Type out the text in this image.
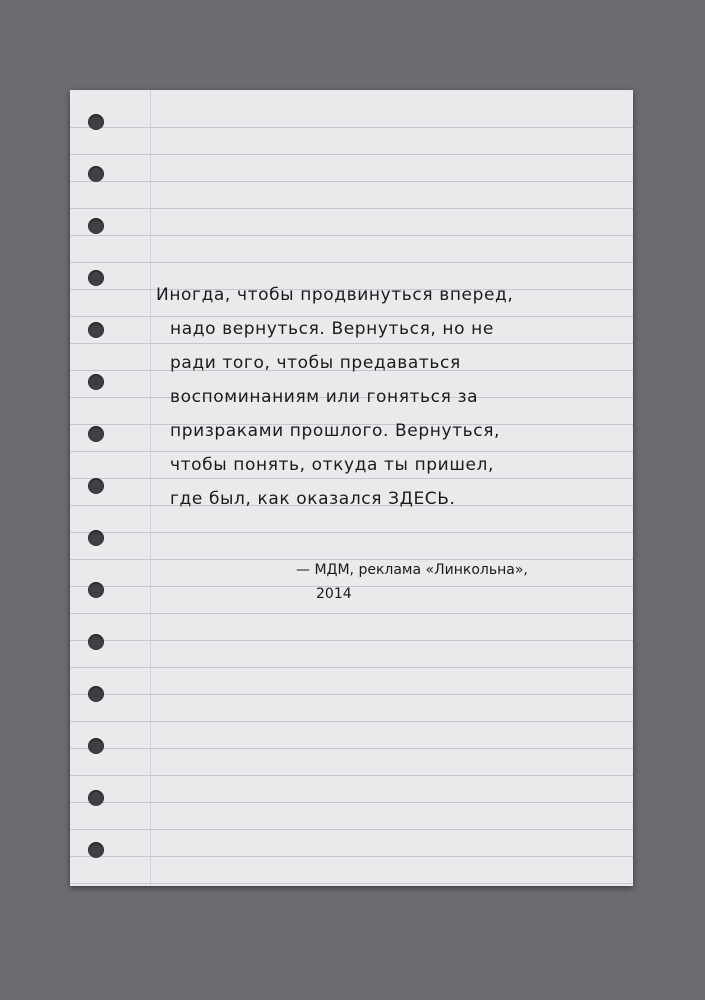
Иногда, чтобы продвинуться вперед,
надо вернуться. Вернуться, но не
ради того, чтобы предаваться
воспоминаниям или гоняться за
призраками прошлого. Вернуться,
чтобы понять, откуда ты пришел,
где был, как оказался ЗДЕСЬ.

— МДМ, реклама «Линкольна»,
2014
